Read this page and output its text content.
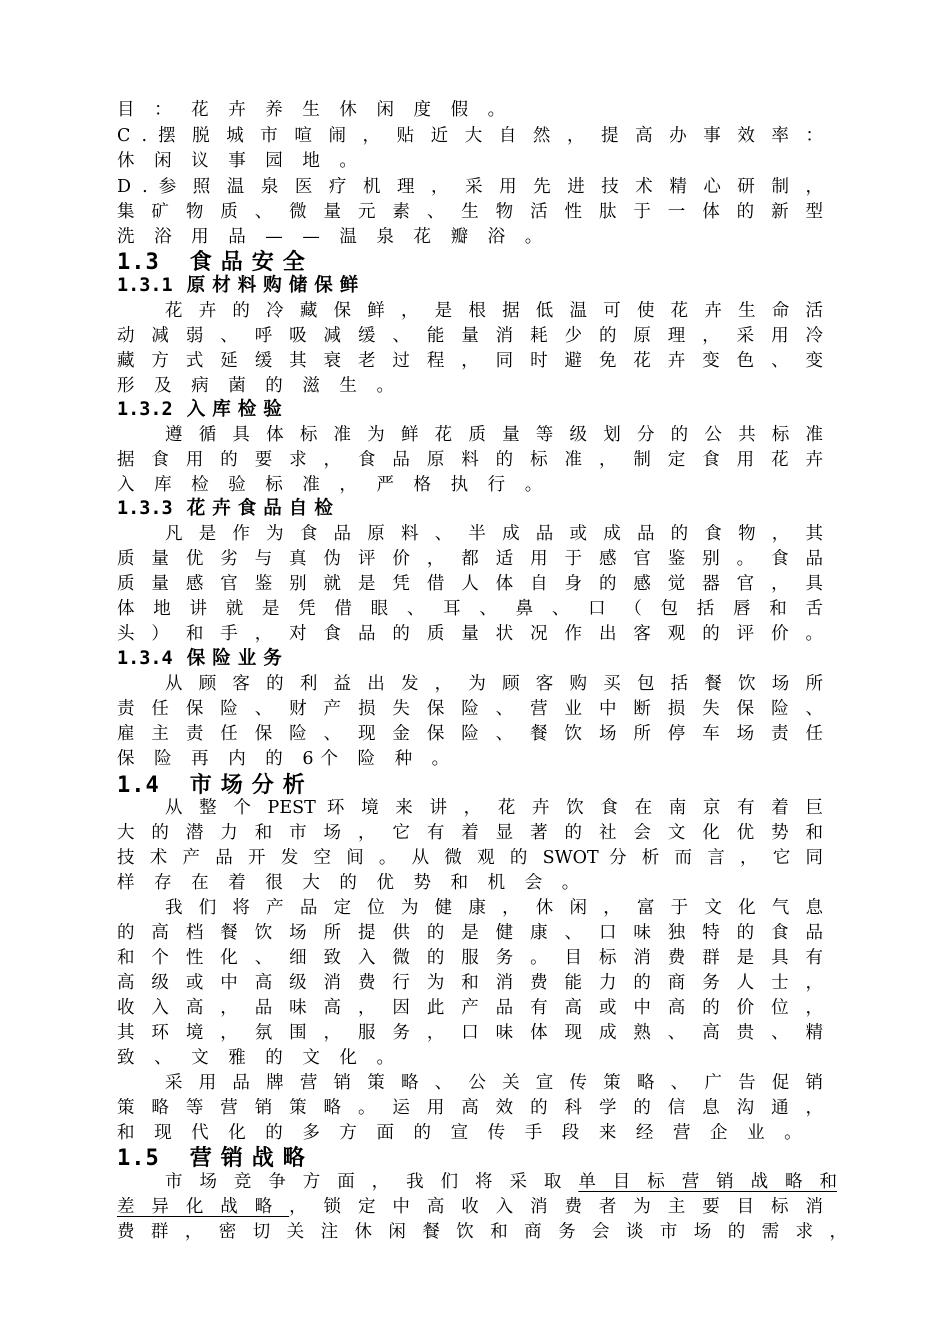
目 ： 花 卉 养 生 休 闲 度 假 。
C . 摆 脱 城 市 喧 闹 ， 贴 近 大 自 然 ， 提 高 办 事 效 率 ：
休 闲 议 事 园 地 。
D . 参 照 温 泉 医 疗 机 理 ， 采 用 先 进 技 术 精 心 研 制 ，
集 矿 物 质 、 微 量 元 素 、 生 物 活 性 肽 于 一 体 的 新 型
洗 浴 用 品 — — 温 泉 花 瓣 浴 。
1.3 食品安全
1.3.1 原材料购储保鲜
花 卉 的 冷 藏 保 鲜 ， 是 根 据 低 温 可 使 花 卉 生 命 活
动 减 弱 、 呼 吸 减 缓 、 能 量 消 耗 少 的 原 理 ， 采 用 冷
藏 方 式 延 缓 其 衰 老 过 程 ， 同 时 避 免 花 卉 变 色 、 变
形 及 病 菌 的 滋 生 。
1.3.2 入库检验
遵 循 具 体 标 准 为 鲜 花 质 量 等 级 划 分 的 公 共 标 准
据 食 用 的 要 求 ， 食 品 原 料 的 标 准 ， 制 定 食 用 花 卉
入 库 检 验 标 准 ， 严 格 执 行 。
1.3.3 花卉食品自检
凡 是 作 为 食 品 原 料 、 半 成 品 或 成 品 的 食 物 ， 其
质 量 优 劣 与 真 伪 评 价 ， 都 适 用 于 感 官 鉴 别 。 食 品
质 量 感 官 鉴 别 就 是 凭 借 人 体 自 身 的 感 觉 器 官 ， 具
体 地 讲 就 是 凭 借 眼 、 耳 、 鼻 、 口 （ 包 括 唇 和 舌
头 ） 和 手 ， 对 食 品 的 质 量 状 况 作 出 客 观 的 评 价 。
1.3.4 保险业务
从 顾 客 的 利 益 出 发 ， 为 顾 客 购 买 包 括 餐 饮 场 所
责 任 保 险 、 财 产 损 失 保 险 、 营 业 中 断 损 失 保 险 、
雇 主 责 任 保 险 、 现 金 保 险 、 餐 饮 场 所 停 车 场 责 任
保 险 再 内 的 6个 险 种 。
1.4 市场分析
从 整 个 PEST 环 境 来 讲 ， 花 卉 饮 食 在 南 京 有 着 巨
大 的 潜 力 和 市 场 ， 它 有 着 显 著 的 社 会 文 化 优 势 和
技 术 产 品 开 发 空 间 。 从 微 观 的 SWOT 分 析 而 言 ， 它 同
样 存 在 着 很 大 的 优 势 和 机 会 。
我 们 将 产 品 定 位 为 健 康 ， 休 闲 ， 富 于 文 化 气 息
的 高 档 餐 饮 场 所 提 供 的 是 健 康 、 口 味 独 特 的 食 品
和 个 性 化 、 细 致 入 微 的 服 务 。 目 标 消 费 群 是 具 有
高 级 或 中 高 级 消 费 行 为 和 消 费 能 力 的 商 务 人 士 ，
收 入 高 ， 品 味 高 ， 因 此 产 品 有 高 或 中 高 的 价 位 ，
其 环 境 ， 氛 围 ， 服 务 ， 口 味 体 现 成 熟 、 高 贵 、 精
致 、 文 雅 的 文 化 。
采 用 品 牌 营 销 策 略 、 公 关 宣 传 策 略 、 广 告 促 销
策 略 等 营 销 策 略 。 运 用 高 效 的 科 学 的 信 息 沟 通 ，
和 现 代 化 的 多 方 面 的 宣 传 手 段 来 经 营 企 业 。
1.5 营销战略
市 场 竞 争 方 面 ， 我 们 将 采 取 单 目 标 营 销 战 略 和
差 异 化 战 略 ， 锁 定 中 高 收 入 消 费 者 为 主 要 目 标 消
费 群 ， 密 切 关 注 休 闲 餐 饮 和 商 务 会 谈 市 场 的 需 求 ，
